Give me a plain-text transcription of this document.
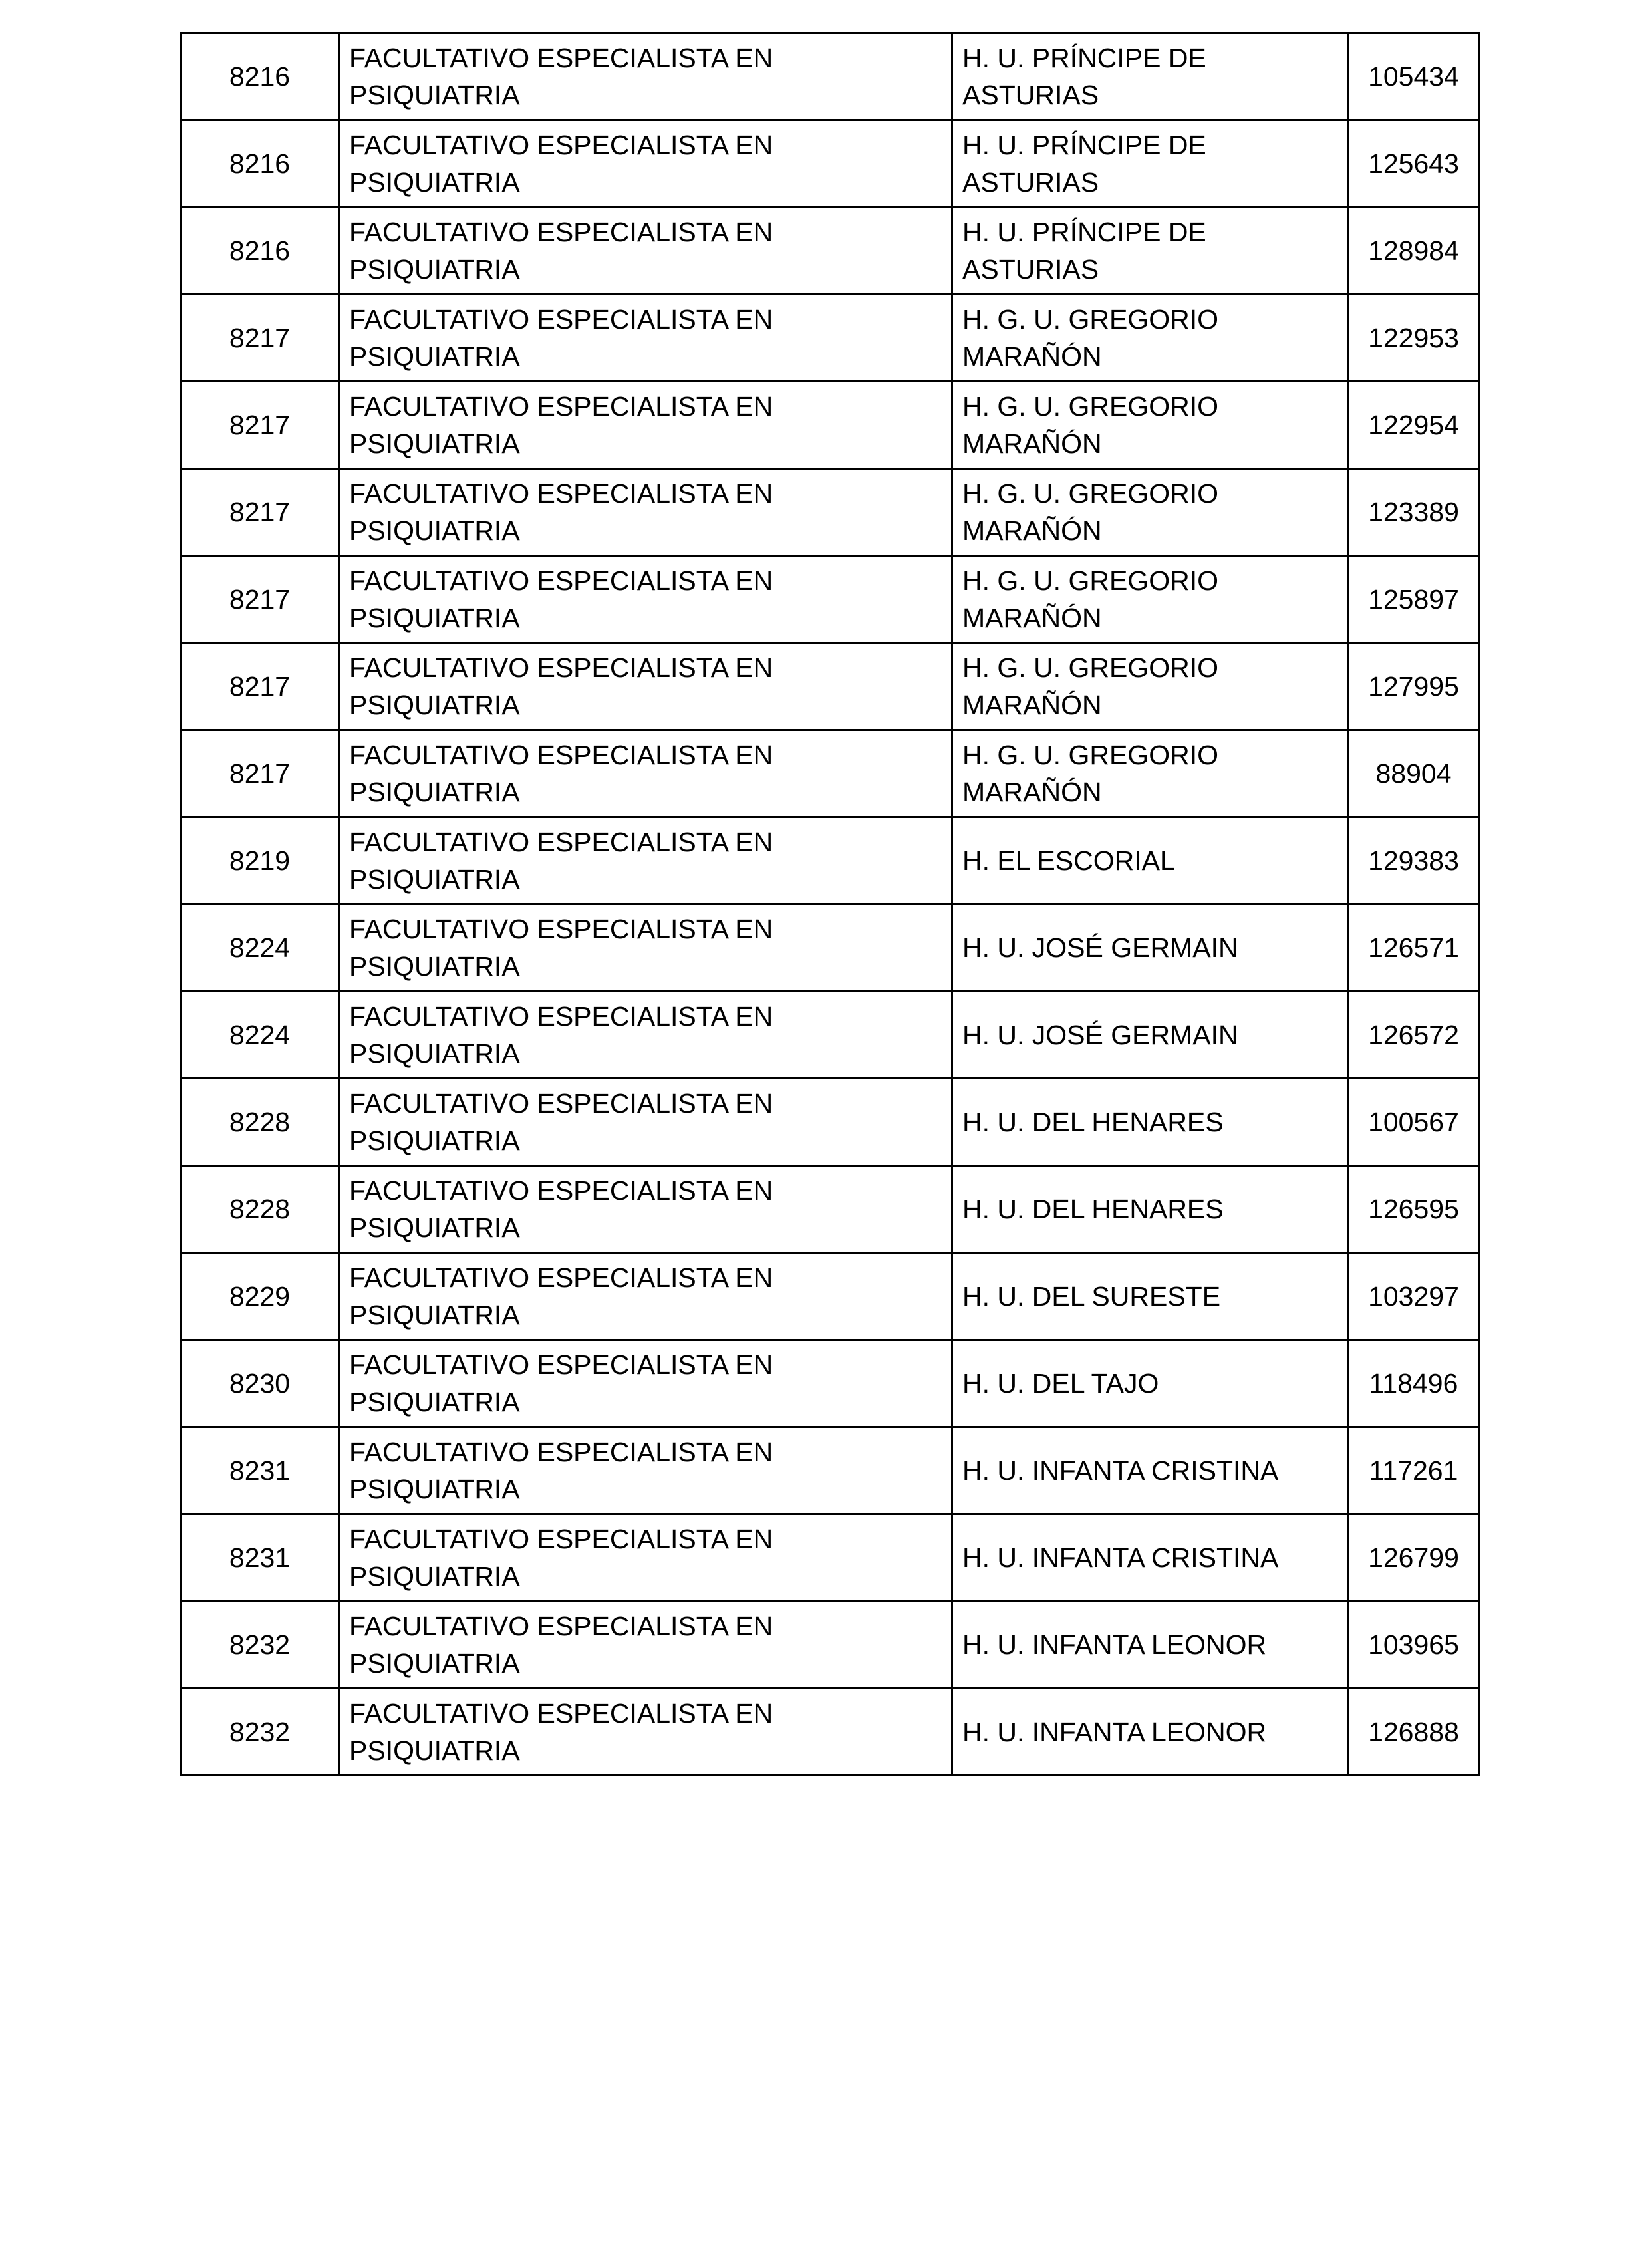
8216	FACULTATIVO ESPECIALISTA EN PSIQUIATRIA	H. U. PRÍNCIPE DE ASTURIAS	105434
8216	FACULTATIVO ESPECIALISTA EN PSIQUIATRIA	H. U. PRÍNCIPE DE ASTURIAS	125643
8216	FACULTATIVO ESPECIALISTA EN PSIQUIATRIA	H. U. PRÍNCIPE DE ASTURIAS	128984
8217	FACULTATIVO ESPECIALISTA EN PSIQUIATRIA	H. G. U. GREGORIO MARAÑÓN	122953
8217	FACULTATIVO ESPECIALISTA EN PSIQUIATRIA	H. G. U. GREGORIO MARAÑÓN	122954
8217	FACULTATIVO ESPECIALISTA EN PSIQUIATRIA	H. G. U. GREGORIO MARAÑÓN	123389
8217	FACULTATIVO ESPECIALISTA EN PSIQUIATRIA	H. G. U. GREGORIO MARAÑÓN	125897
8217	FACULTATIVO ESPECIALISTA EN PSIQUIATRIA	H. G. U. GREGORIO MARAÑÓN	127995
8217	FACULTATIVO ESPECIALISTA EN PSIQUIATRIA	H. G. U. GREGORIO MARAÑÓN	88904
8219	FACULTATIVO ESPECIALISTA EN PSIQUIATRIA	H. EL ESCORIAL	129383
8224	FACULTATIVO ESPECIALISTA EN PSIQUIATRIA	H. U. JOSÉ GERMAIN	126571
8224	FACULTATIVO ESPECIALISTA EN PSIQUIATRIA	H. U. JOSÉ GERMAIN	126572
8228	FACULTATIVO ESPECIALISTA EN PSIQUIATRIA	H. U. DEL HENARES	100567
8228	FACULTATIVO ESPECIALISTA EN PSIQUIATRIA	H. U. DEL HENARES	126595
8229	FACULTATIVO ESPECIALISTA EN PSIQUIATRIA	H. U. DEL SURESTE	103297
8230	FACULTATIVO ESPECIALISTA EN PSIQUIATRIA	H. U. DEL TAJO	118496
8231	FACULTATIVO ESPECIALISTA EN PSIQUIATRIA	H. U. INFANTA CRISTINA	117261
8231	FACULTATIVO ESPECIALISTA EN PSIQUIATRIA	H. U. INFANTA CRISTINA	126799
8232	FACULTATIVO ESPECIALISTA EN PSIQUIATRIA	H. U. INFANTA LEONOR	103965
8232	FACULTATIVO ESPECIALISTA EN PSIQUIATRIA	H. U. INFANTA LEONOR	126888
